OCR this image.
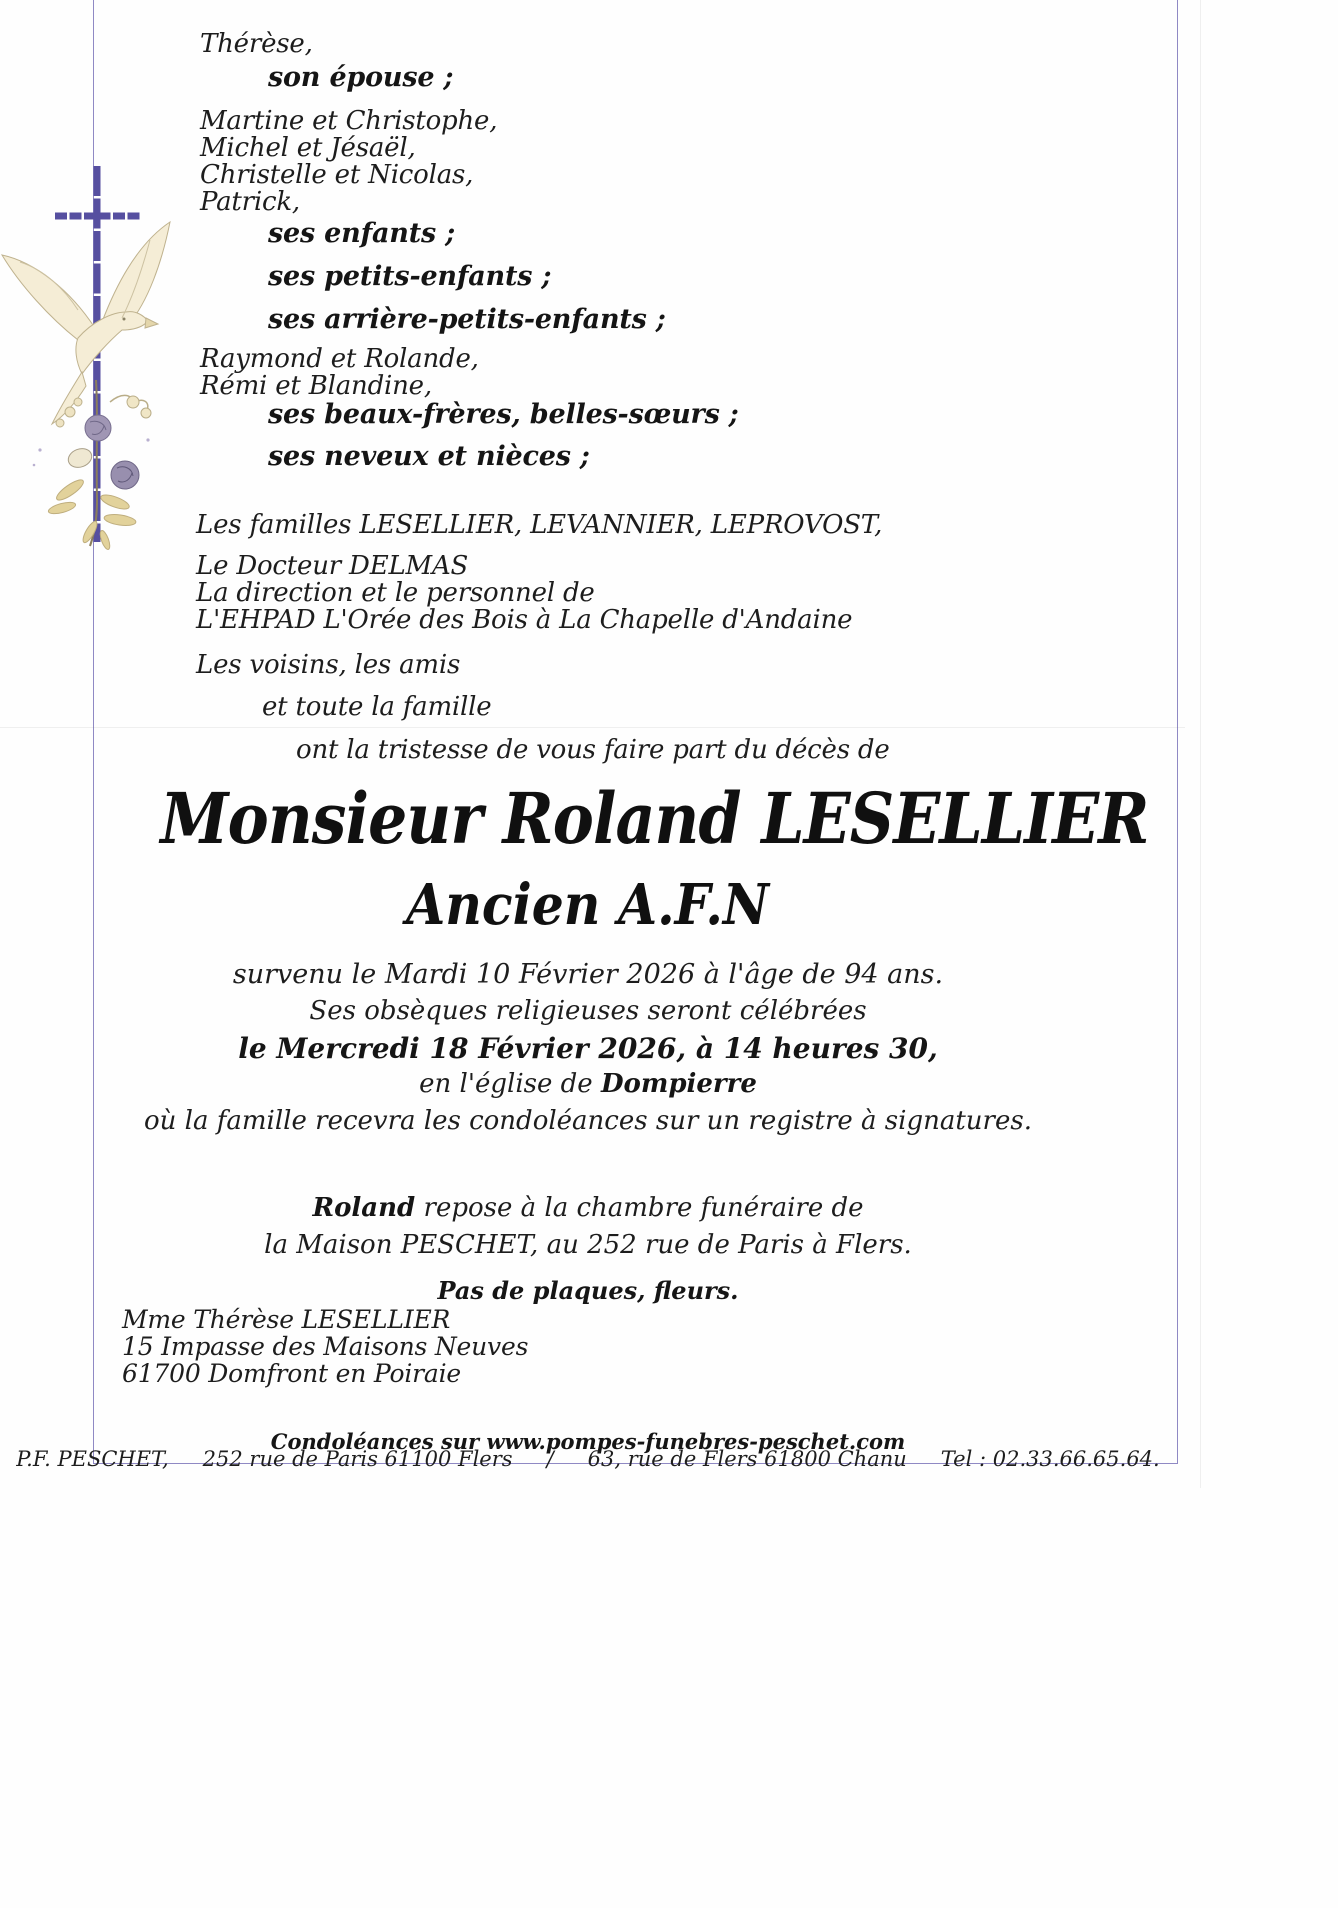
Thérèse,
son épouse ;
Martine et Christophe,
Michel et Jésaël,
Christelle et Nicolas,
Patrick,
ses enfants ;
ses petits-enfants ;
ses arrière-petits-enfants ;
Raymond et Rolande,
Rémi et Blandine,
ses beaux-frères, belles-sœurs ;
ses neveux et nièces ;
Les familles LESELLIER, LEVANNIER, LEPROVOST,
Le Docteur DELMAS
La direction et le personnel de
L'EHPAD L'Orée des Bois à La Chapelle d'Andaine
Les voisins, les amis
et toute la famille
ont la tristesse de vous faire part du décès de
Monsieur Roland LESELLIER
Ancien A.F.N
survenu le Mardi 10 Février 2026 à l'âge de 94 ans.
Ses obsèques religieuses seront célébrées
le Mercredi 18 Février 2026, à 14 heures 30,
en l'église de Dompierre
où la famille recevra les condoléances sur un registre à signatures.
Roland repose à la chambre funéraire de
la Maison PESCHET, au 252 rue de Paris à Flers.
Pas de plaques, fleurs.
Mme Thérèse LESELLIER
15 Impasse des Maisons Neuves
61700 Domfront en Poiraie
Condoléances sur www.pompes-funebres-peschet.com
P.F. PESCHET, 252 rue de Paris 61100 Flers / 63, rue de Flers 61800 Chanu Tel : 02.33.66.65.64.
